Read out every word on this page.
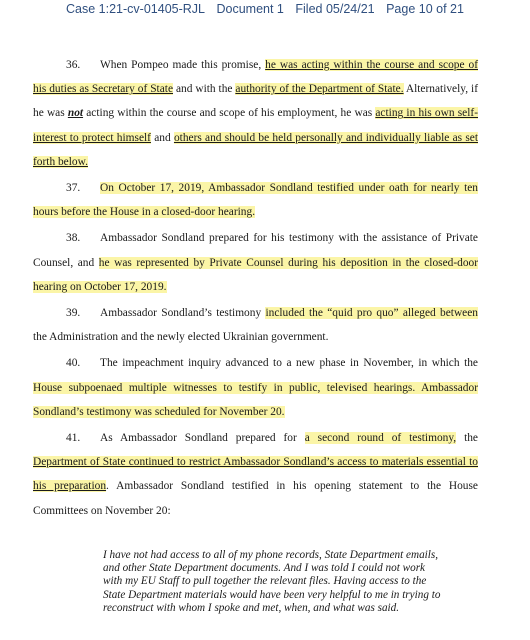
Case 1:21-cv-01405-RJL Document 1 Filed 05/24/21 Page 10 of 21

36. When Pompeo made this promise, he was acting within the course and scope of his duties as Secretary of State and with the authority of the Department of State. Alternatively, if he was not acting within the course and scope of his employment, he was acting in his own self-interest to protect himself and others and should be held personally and individually liable as set forth below.

37. On October 17, 2019, Ambassador Sondland testified under oath for nearly ten hours before the House in a closed-door hearing.

38. Ambassador Sondland prepared for his testimony with the assistance of Private Counsel, and he was represented by Private Counsel during his deposition in the closed-door hearing on October 17, 2019.

39. Ambassador Sondland’s testimony included the “quid pro quo” alleged between the Administration and the newly elected Ukrainian government.

40. The impeachment inquiry advanced to a new phase in November, in which the House subpoenaed multiple witnesses to testify in public, televised hearings. Ambassador Sondland’s testimony was scheduled for November 20.

41. As Ambassador Sondland prepared for a second round of testimony, the Department of State continued to restrict Ambassador Sondland’s access to materials essential to his preparation. Ambassador Sondland testified in his opening statement to the House Committees on November 20:

I have not had access to all of my phone records, State Department emails, and other State Department documents. And I was told I could not work with my EU Staff to pull together the relevant files. Having access to the State Department materials would have been very helpful to me in trying to reconstruct with whom I spoke and met, when, and what was said.
